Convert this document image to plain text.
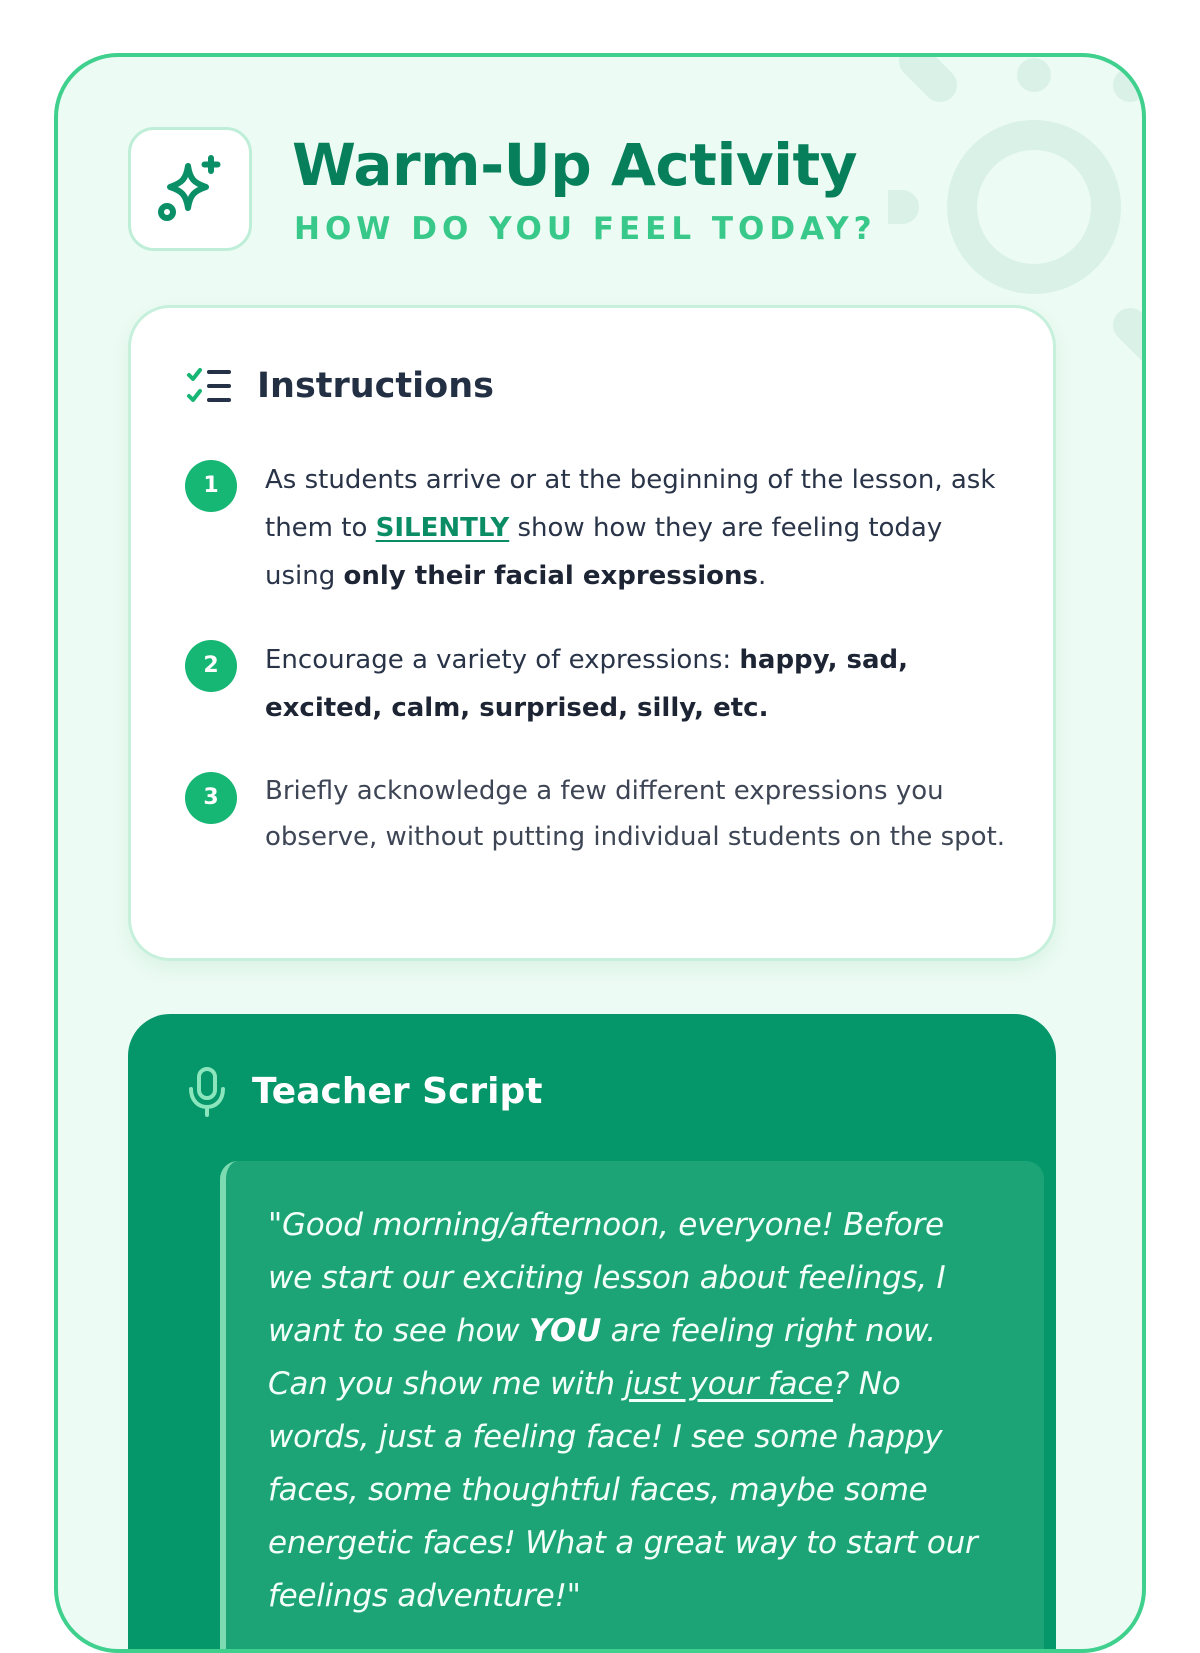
Warm-Up Activity

HOW DO YOU FEEL TODAY?

Instructions
1	As students arrive or at the beginning of the lesson, ask them to SILENTLY show how they are feeling today using only their facial expressions.
2	Encourage a variety of expressions: happy, sad, excited, calm, surprised, silly, etc.
3	Briefly acknowledge a few different expressions you observe, without putting individual students on the spot.
Teacher Script

"Good morning/afternoon, everyone! Before we start our exciting lesson about feelings, I want to see how YOU are feeling right now. Can you show me with just your face? No words, just a feeling face! I see some happy faces, some thoughtful faces, maybe some energetic faces! What a great way to start our feelings adventure!"
